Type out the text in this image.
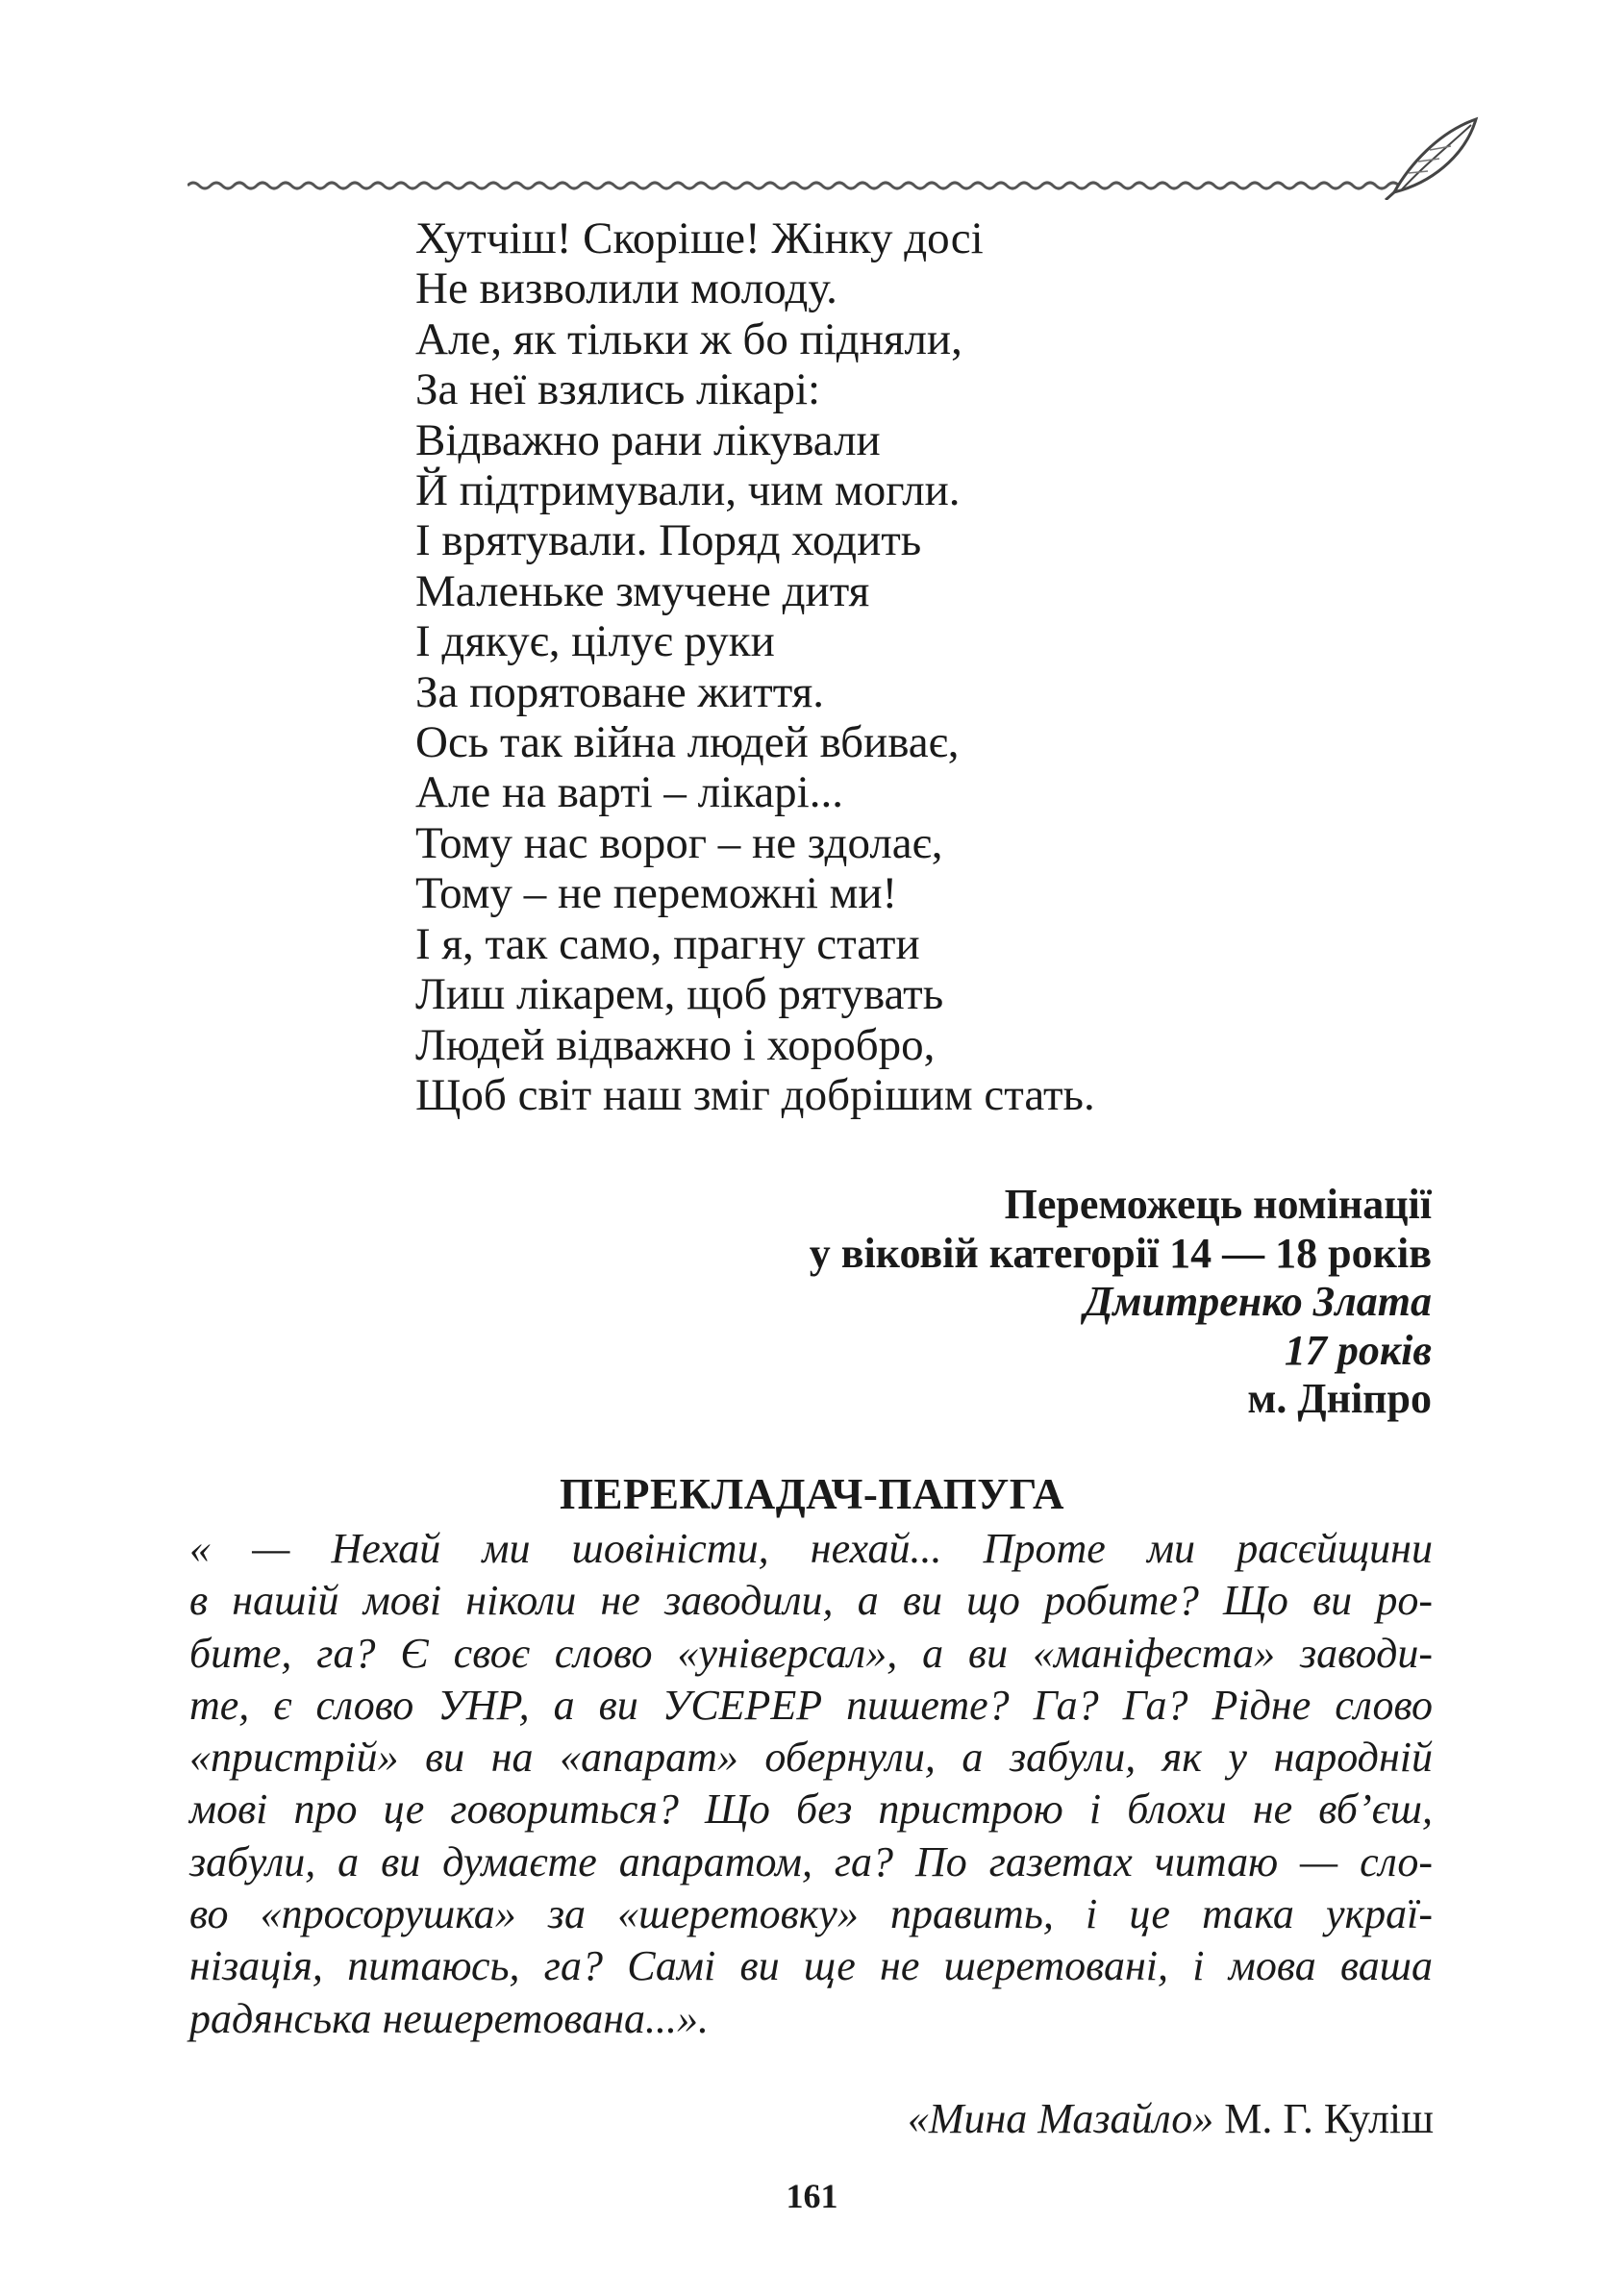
Хутчіш! Скоріше! Жінку досі
Не визволили молоду.
Але, як тільки ж бо підняли,
За неї взялись лікарі:
Відважно рани лікували
Й підтримували, чим могли.
І врятували. Поряд ходить
Маленьке змучене дитя
І дякує, цілує руки
За порятоване життя.
Ось так війна людей вбиває,
Але на варті – лікарі...
Тому нас ворог – не здолає,
Тому – не переможні ми!
І я, так само, прагну стати
Лиш лікарем, щоб рятувать
Людей відважно і хоробро,
Щоб світ наш зміг добрішим стать.
Переможець номінації
у віковій категорії 14 — 18 років
Дмитренко Злата
17 років
м. Дніпро
ПЕРЕКЛАДАЧ-ПАПУГА
« — Нехай ми шовіністи, нехай... Проте ми расєйщини
в нашій мові ніколи не заводили, а ви що робите? Що ви ро-
бите, га? Є своє слово «універсал», а ви «маніфеста» заводи-
те, є слово УНР, а ви УСЕРЕР пишете? Га? Га? Рідне слово
«пристрій» ви на «апарат» обернули, а забули, як у народній
мові про це говориться? Що без пристрою і блохи не вб’єш,
забули, а ви думаєте апаратом, га? По газетах читаю — сло-
во «просорушка» за «шеретовку» править, і це така украї-
нізація, питаюсь, га? Самі ви ще не шеретовані, і мова ваша
радянська нешеретована...».
«Мина Мазайло» М. Г. Куліш
161
